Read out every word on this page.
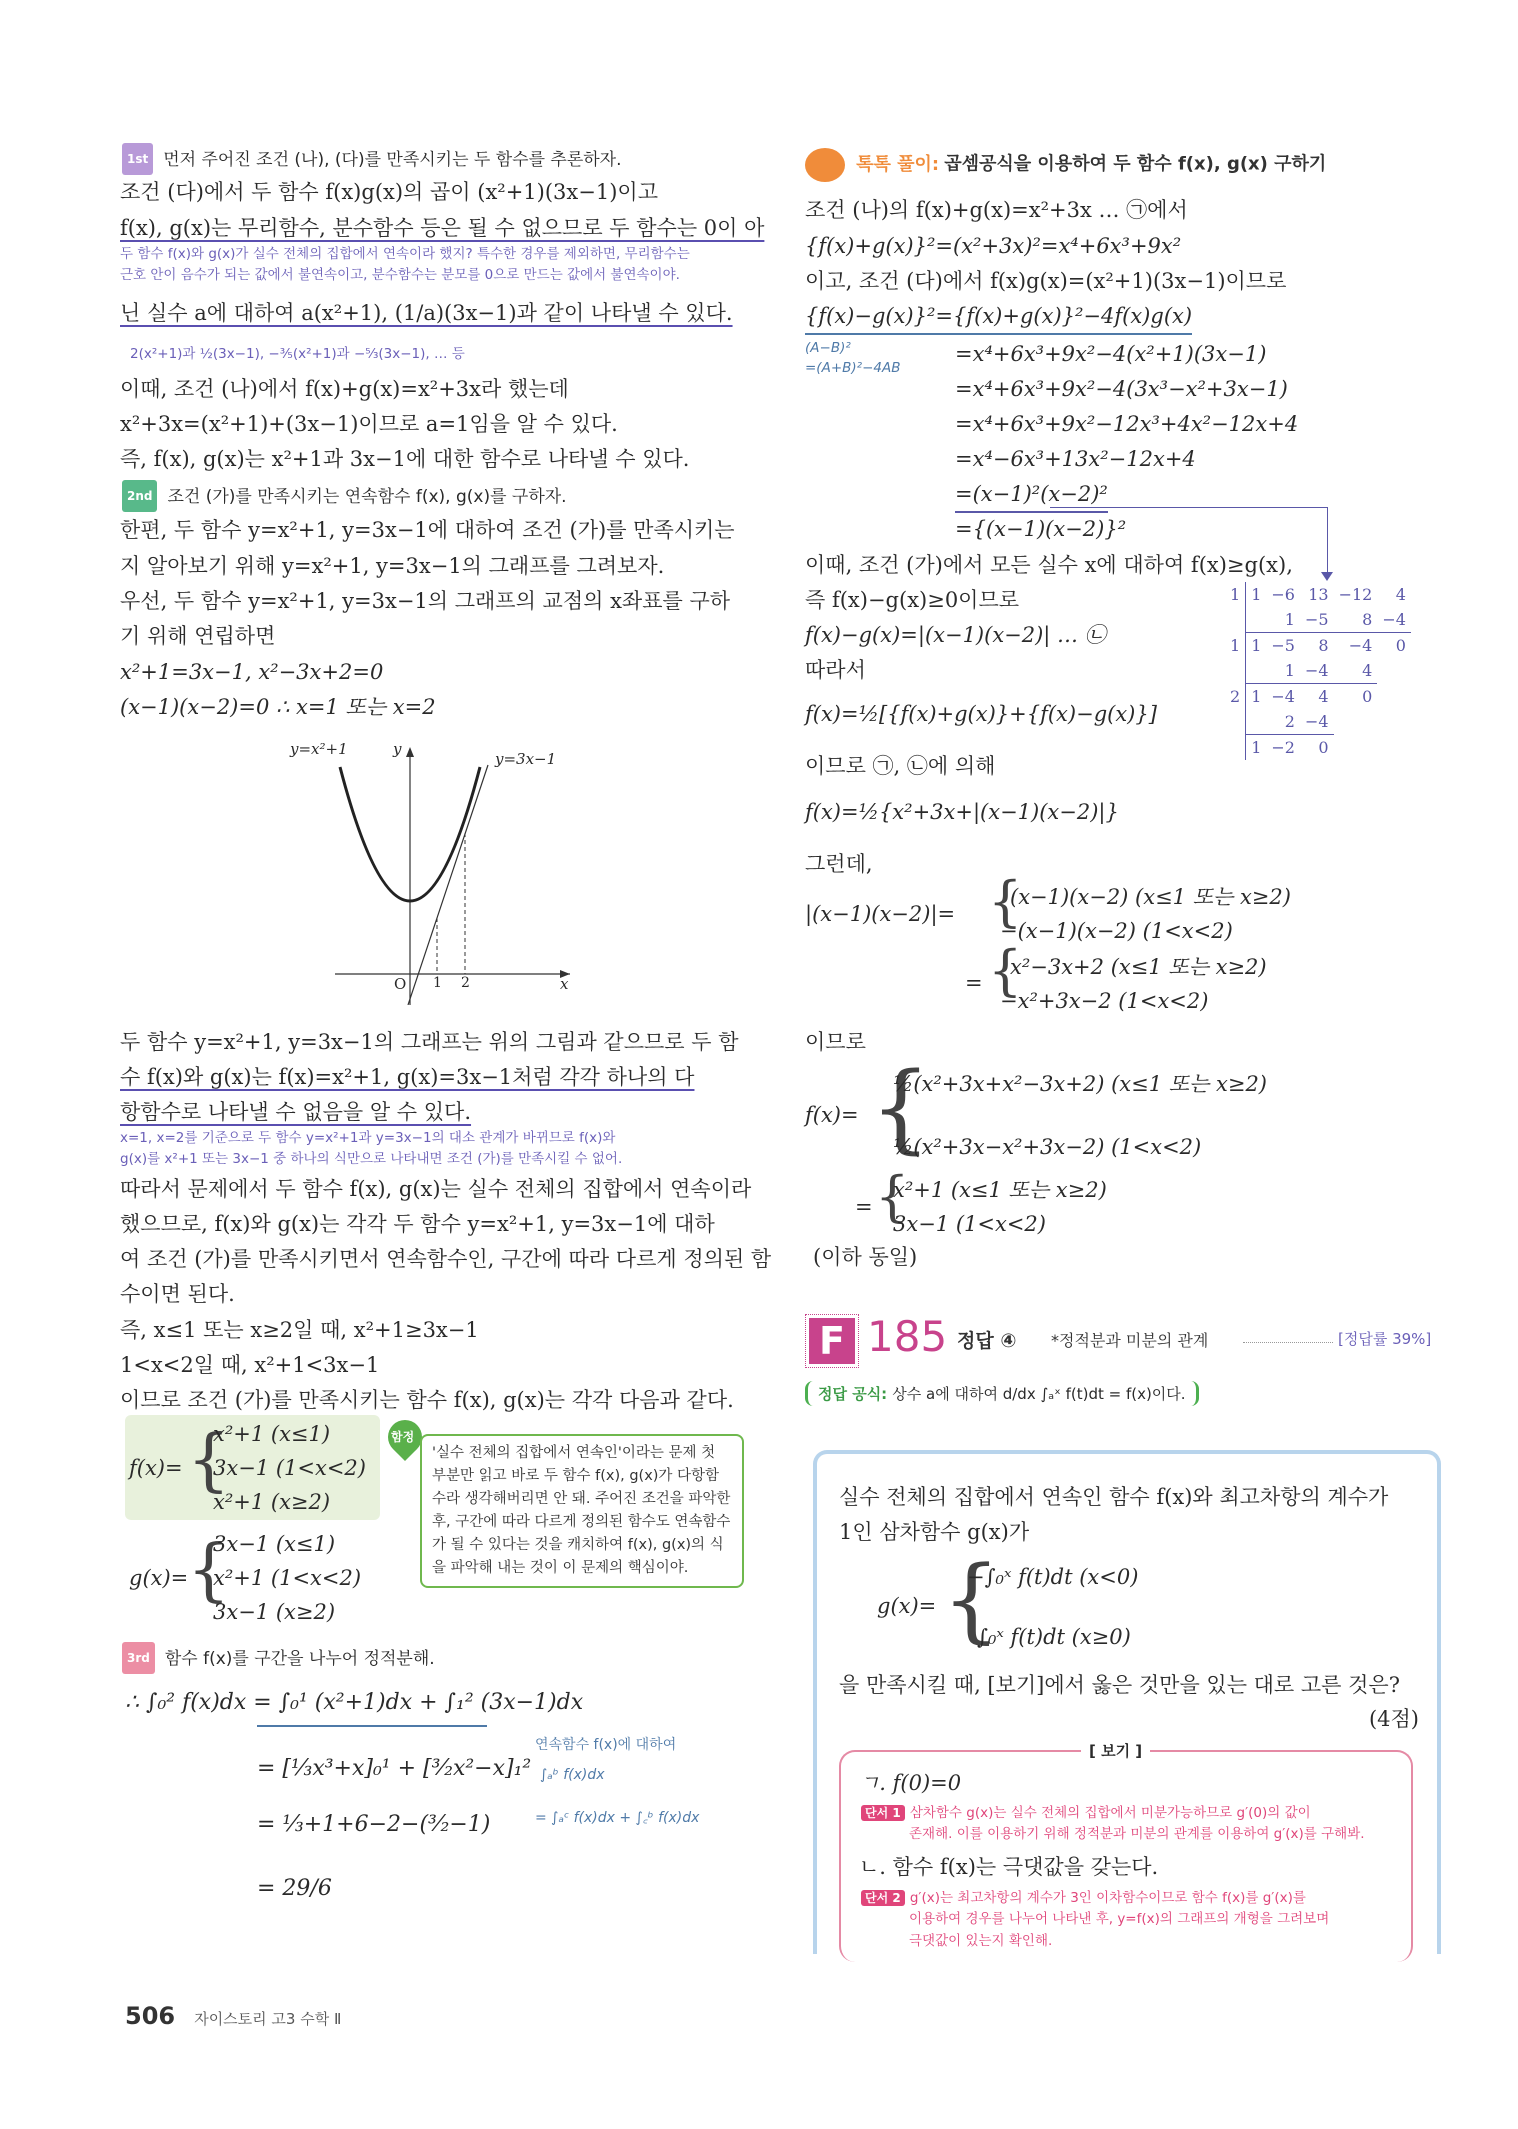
1st 먼저 주어진 조건 (나), (다)를 만족시키는 두 함수를 추론하자.
조건 (다)에서 두 함수 f(x)g(x)의 곱이 (x²+1)(3x−1)이고
f(x), g(x)는 무리함수, 분수함수 등은 될 수 없으므로 두 함수는 0이 아
두 함수 f(x)와 g(x)가 실수 전체의 집합에서 연속이라 했지? 특수한 경우를 제외하면, 무리함수는
근호 안이 음수가 되는 값에서 불연속이고, 분수함수는 분모를 0으로 만드는 값에서 불연속이야.
닌 실수 a에 대하여 a(x²+1), (1/a)(3x−1)과 같이 나타낼 수 있다.
2(x²+1)과 ½(3x−1), −³⁄₅(x²+1)과 −⁵⁄₃(3x−1), … 등
이때, 조건 (나)에서 f(x)+g(x)=x²+3x라 했는데
x²+3x=(x²+1)+(3x−1)이므로 a=1임을 알 수 있다.
즉, f(x), g(x)는 x²+1과 3x−1에 대한 함수로 나타낼 수 있다.
2nd 조건 (가)를 만족시키는 연속함수 f(x), g(x)를 구하자.
한편, 두 함수 y=x²+1, y=3x−1에 대하여 조건 (가)를 만족시키는
지 알아보기 위해 y=x²+1, y=3x−1의 그래프를 그려보자.
우선, 두 함수 y=x²+1, y=3x−1의 그래프의 교점의 x좌표를 구하
기 위해 연립하면
x²+1=3x−1, x²−3x+2=0
(x−1)(x−2)=0 ∴ x=1 또는 x=2
y=x²+1
y=3x−1
y
x
O 1 2
두 함수 y=x²+1, y=3x−1의 그래프는 위의 그림과 같으므로 두 함
수 f(x)와 g(x)는 f(x)=x²+1, g(x)=3x−1처럼 각각 하나의 다
항함수로 나타낼 수 없음을 알 수 있다.
x=1, x=2를 기준으로 두 함수 y=x²+1과 y=3x−1의 대소 관계가 바뀌므로 f(x)와
g(x)를 x²+1 또는 3x−1 중 하나의 식만으로 나타내면 조건 (가)를 만족시킬 수 없어.
따라서 문제에서 두 함수 f(x), g(x)는 실수 전체의 집합에서 연속이라
했으므로, f(x)와 g(x)는 각각 두 함수 y=x²+1, y=3x−1에 대하
여 조건 (가)를 만족시키면서 연속함수인, 구간에 따라 다르게 정의된 함
수이면 된다.
즉, x≤1 또는 x≥2일 때, x²+1≥3x−1
1<x<2일 때, x²+1<3x−1
이므로 조건 (가)를 만족시키는 함수 f(x), g(x)는 각각 다음과 같다.
f(x)= {
x²+1 (x≤1)
3x−1 (1<x<2)
x²+1 (x≥2)
g(x)=
{
3x−1 (x≤1)
x²+1 (1<x<2)
3x−1 (x≥2)
함정
'실수 전체의 집합에서 연속인'이라는 문제 첫 부분만 읽고 바로 두 함수 f(x), g(x)가 다항함수라 생각해버리면 안 돼. 주어진 조건을 파악한 후, 구간에 따라 다르게 정의된 함수도 연속함수가 될 수 있다는 것을 캐치하여 f(x), g(x)의 식을 파악해 내는 것이 이 문제의 핵심이야.
3rd 함수 f(x)를 구간을 나누어 정적분해.
∴ ∫₀² f(x)dx = ∫₀¹ (x²+1)dx + ∫₁² (3x−1)dx
= [⅓x³+x]₀¹ + [³⁄₂x²−x]₁²
= ⅓+1+6−2−(³⁄₂−1)
= 29/6
연속함수 f(x)에 대하여
∫ₐᵇ f(x)dx
= ∫ₐᶜ f(x)dx + ∫꜀ᵇ f(x)dx
톡톡 풀이: 곱셈공식을 이용하여 두 함수 f(x), g(x) 구하기
조건 (나)의 f(x)+g(x)=x²+3x … ㉠에서
{f(x)+g(x)}²=(x²+3x)²=x⁴+6x³+9x²
이고, 조건 (다)에서 f(x)g(x)=(x²+1)(3x−1)이므로
{f(x)−g(x)}²={f(x)+g(x)}²−4f(x)g(x)
(A−B)²
=(A+B)²−4AB
=x⁴+6x³+9x²−4(x²+1)(3x−1)
=x⁴+6x³+9x²−4(3x³−x²+3x−1)
=x⁴+6x³+9x²−12x³+4x²−12x+4
=x⁴−6x³+13x²−12x+4
=(x−1)²(x−2)²
={(x−1)(x−2)}²
이때, 조건 (가)에서 모든 실수 x에 대하여 f(x)≥g(x),
즉 f(x)−g(x)≥0이므로
f(x)−g(x)=|(x−1)(x−2)| … ㉡
따라서
f(x)=½[{f(x)+g(x)}+{f(x)−g(x)}]
이므로 ㉠, ㉡에 의해
f(x)=½{x²+3x+|(x−1)(x−2)|}
그런데,
1	1	−6	13	−12	4
		1	−5	8	−4
1	1	−5	8	−4	0
		1	−4	4	
2	1	−4	4	0	
		2	−4		
	1	−2	0		
|(x−1)(x−2)|= {
(x−1)(x−2) (x≤1 또는 x≥2)
−(x−1)(x−2) (1<x<2)
= {
x²−3x+2 (x≤1 또는 x≥2)
−x²+3x−2 (1<x<2)
이므로
f(x)= {
½(x²+3x+x²−3x+2) (x≤1 또는 x≥2)
½(x²+3x−x²+3x−2) (1<x<2)
= {
x²+1 (x≤1 또는 x≥2)
3x−1 (1<x<2)
(이하 동일)
F 185 정답 ④ *정적분과 미분의 관계	[정답률 39%]
정답 공식: 상수 a에 대하여 d/dx ∫ₐˣ f(t)dt = f(x)이다.
실수 전체의 집합에서 연속인 함수 f(x)와 최고차항의 계수가
1인 삼차함수 g(x)가
g(x)= {
−∫₀ˣ f(t)dt (x<0)
∫₀ˣ f(t)dt (x≥0)
을 만족시킬 때, [보기]에서 옳은 것만을 있는 대로 고른 것은?
(4점)
[ 보기 ]
ㄱ. f(0)=0
단서 1 삼차함수 g(x)는 실수 전체의 집합에서 미분가능하므로 g′(0)의 값이
존재해. 이를 이용하기 위해 정적분과 미분의 관계를 이용하여 g′(x)를 구해봐.
ㄴ. 함수 f(x)는 극댓값을 갖는다.
단서 2 g′(x)는 최고차항의 계수가 3인 이차함수이므로 함수 f(x)를 g′(x)를
이용하여 경우를 나누어 나타낸 후, y=f(x)의 그래프의 개형을 그려보며
극댓값이 있는지 확인해.
506 자이스토리 고3 수학 Ⅱ
